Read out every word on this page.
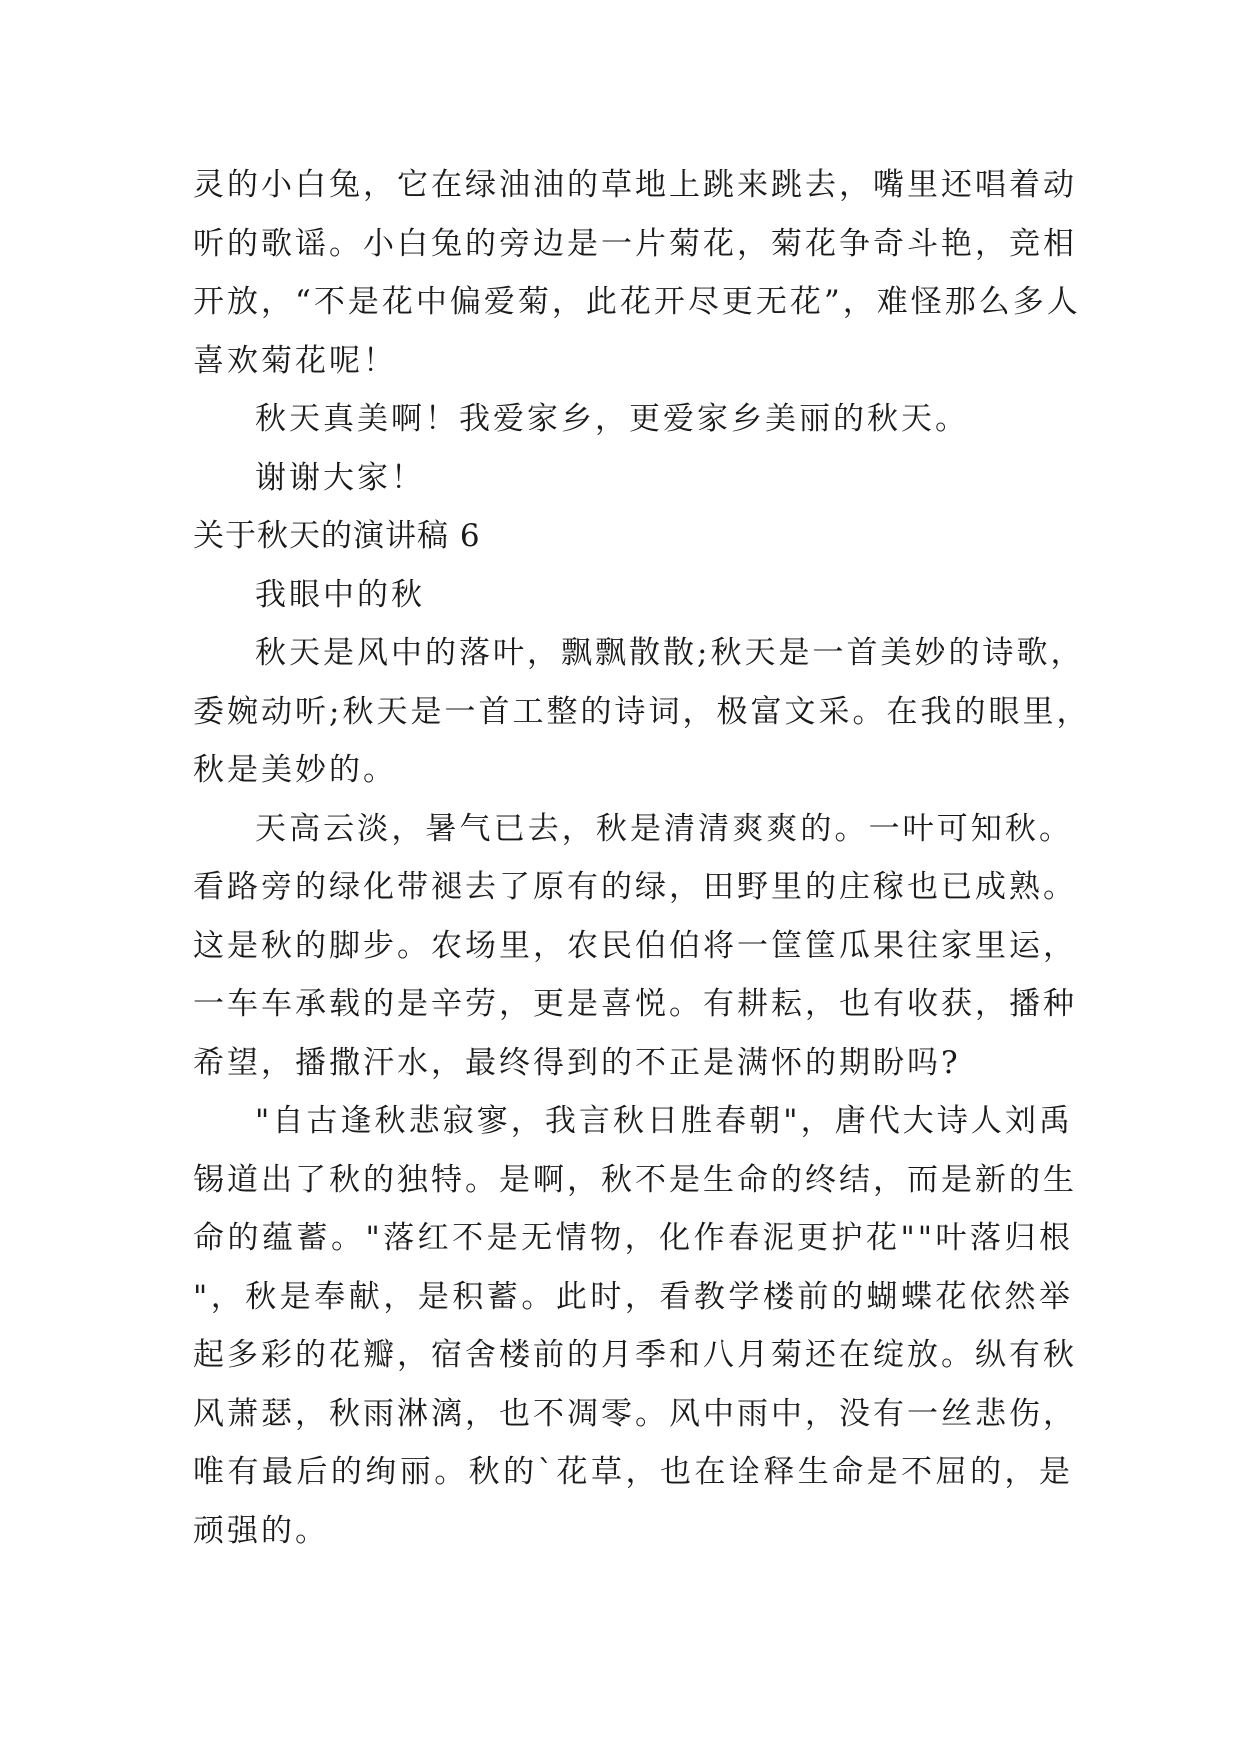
灵的小白兔，它在绿油油的草地上跳来跳去，嘴里还唱着动
听的歌谣。小白兔的旁边是一片菊花，菊花争奇斗艳，竞相
开放，“不是花中偏爱菊，此花开尽更无花”，难怪那么多人
喜欢菊花呢！
秋天真美啊！我爱家乡，更爱家乡美丽的秋天。
谢谢大家！
关于秋天的演讲稿 6
我眼中的秋
秋天是风中的落叶，飘飘散散;秋天是一首美妙的诗歌，
委婉动听;秋天是一首工整的诗词，极富文采。在我的眼里，
秋是美妙的。
天高云淡，暑气已去，秋是清清爽爽的。一叶可知秋。
看路旁的绿化带褪去了原有的绿，田野里的庄稼也已成熟。
这是秋的脚步。农场里，农民伯伯将一筐筐瓜果往家里运，
一车车承载的是辛劳，更是喜悦。有耕耘，也有收获，播种
希望，播撒汗水，最终得到的不正是满怀的期盼吗?
"自古逢秋悲寂寥，我言秋日胜春朝"，唐代大诗人刘禹
锡道出了秋的独特。是啊，秋不是生命的终结，而是新的生
命的蕴蓄。"落红不是无情物，化作春泥更护花""叶落归根
"，秋是奉献，是积蓄。此时，看教学楼前的蝴蝶花依然举
起多彩的花瓣，宿舍楼前的月季和八月菊还在绽放。纵有秋
风萧瑟，秋雨淋漓，也不凋零。风中雨中，没有一丝悲伤，
唯有最后的绚丽。秋的`花草，也在诠释生命是不屈的，是
顽强的。
